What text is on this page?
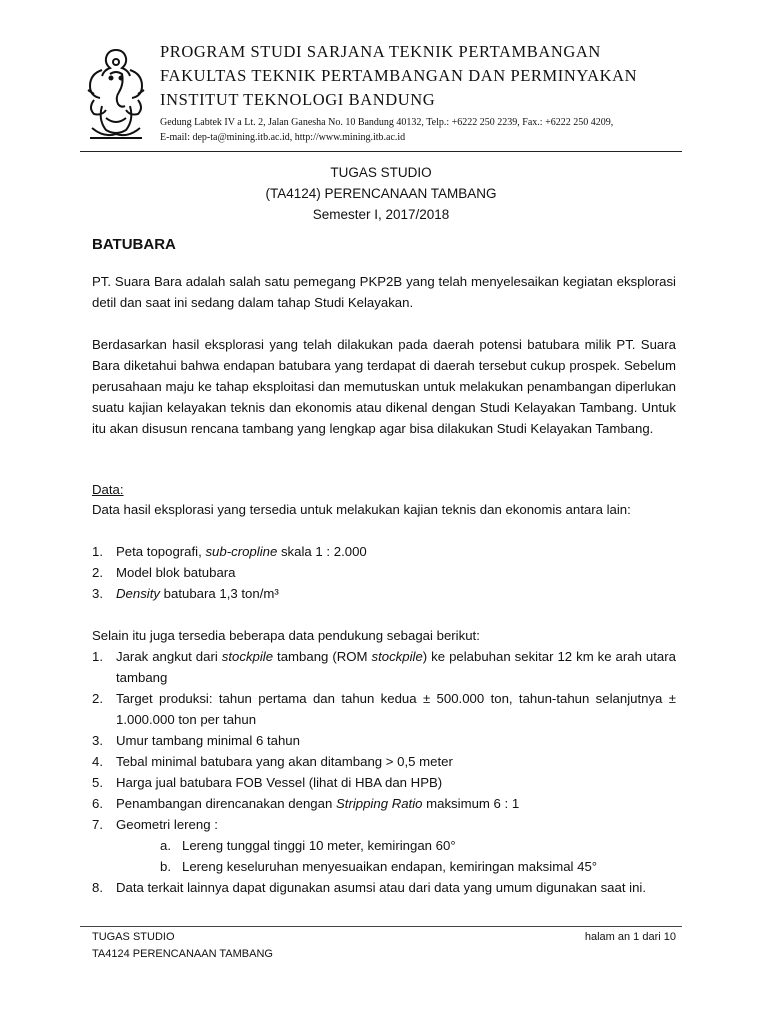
PROGRAM STUDI SARJANA TEKNIK PERTAMBANGAN
FAKULTAS TEKNIK PERTAMBANGAN DAN PERMINYAKAN
INSTITUT TEKNOLOGI BANDUNG
Gedung Labtek IV a Lt. 2, Jalan Ganesha No. 10 Bandung 40132, Telp.: +6222 250 2239, Fax.: +6222 250 4209,
E-mail: dep-ta@mining.itb.ac.id, http://www.mining.itb.ac.id
TUGAS STUDIO
(TA4124) PERENCANAAN TAMBANG
Semester I, 2017/2018
BATUBARA
PT. Suara Bara adalah salah satu pemegang PKP2B yang telah menyelesaikan kegiatan eksplorasi detil dan saat ini sedang dalam tahap Studi Kelayakan.
Berdasarkan hasil eksplorasi yang telah dilakukan pada daerah potensi batubara milik PT. Suara Bara diketahui bahwa endapan batubara yang terdapat di daerah tersebut cukup prospek. Sebelum perusahaan maju ke tahap eksploitasi dan memutuskan untuk melakukan penambangan diperlukan suatu kajian kelayakan teknis dan ekonomis atau dikenal dengan Studi Kelayakan Tambang. Untuk itu akan disusun rencana tambang yang lengkap agar bisa dilakukan Studi Kelayakan Tambang.
Data:
Data hasil eksplorasi yang tersedia untuk melakukan kajian teknis dan ekonomis antara lain:
1. Peta topografi, sub-cropline skala 1 : 2.000
2. Model blok batubara
3. Density batubara 1,3 ton/m³
Selain itu juga tersedia beberapa data pendukung sebagai berikut:
1. Jarak angkut dari stockpile tambang (ROM stockpile) ke pelabuhan sekitar 12 km ke arah utara tambang
2. Target produksi: tahun pertama dan tahun kedua ± 500.000 ton, tahun-tahun selanjutnya ± 1.000.000 ton per tahun
3. Umur tambang minimal 6 tahun
4. Tebal minimal batubara yang akan ditambang > 0,5 meter
5. Harga jual batubara FOB Vessel (lihat di HBA dan HPB)
6. Penambangan direncanakan dengan Stripping Ratio maksimum 6 : 1
7. Geometri lereng :
a. Lereng tunggal tinggi 10 meter, kemiringan 60°
b. Lereng keseluruhan menyesuaikan endapan, kemiringan maksimal 45°
8. Data terkait lainnya dapat digunakan asumsi atau dari data yang umum digunakan saat ini.
TUGAS STUDIO
TA4124 PERENCANAAN TAMBANG
halam an 1 dari 10
